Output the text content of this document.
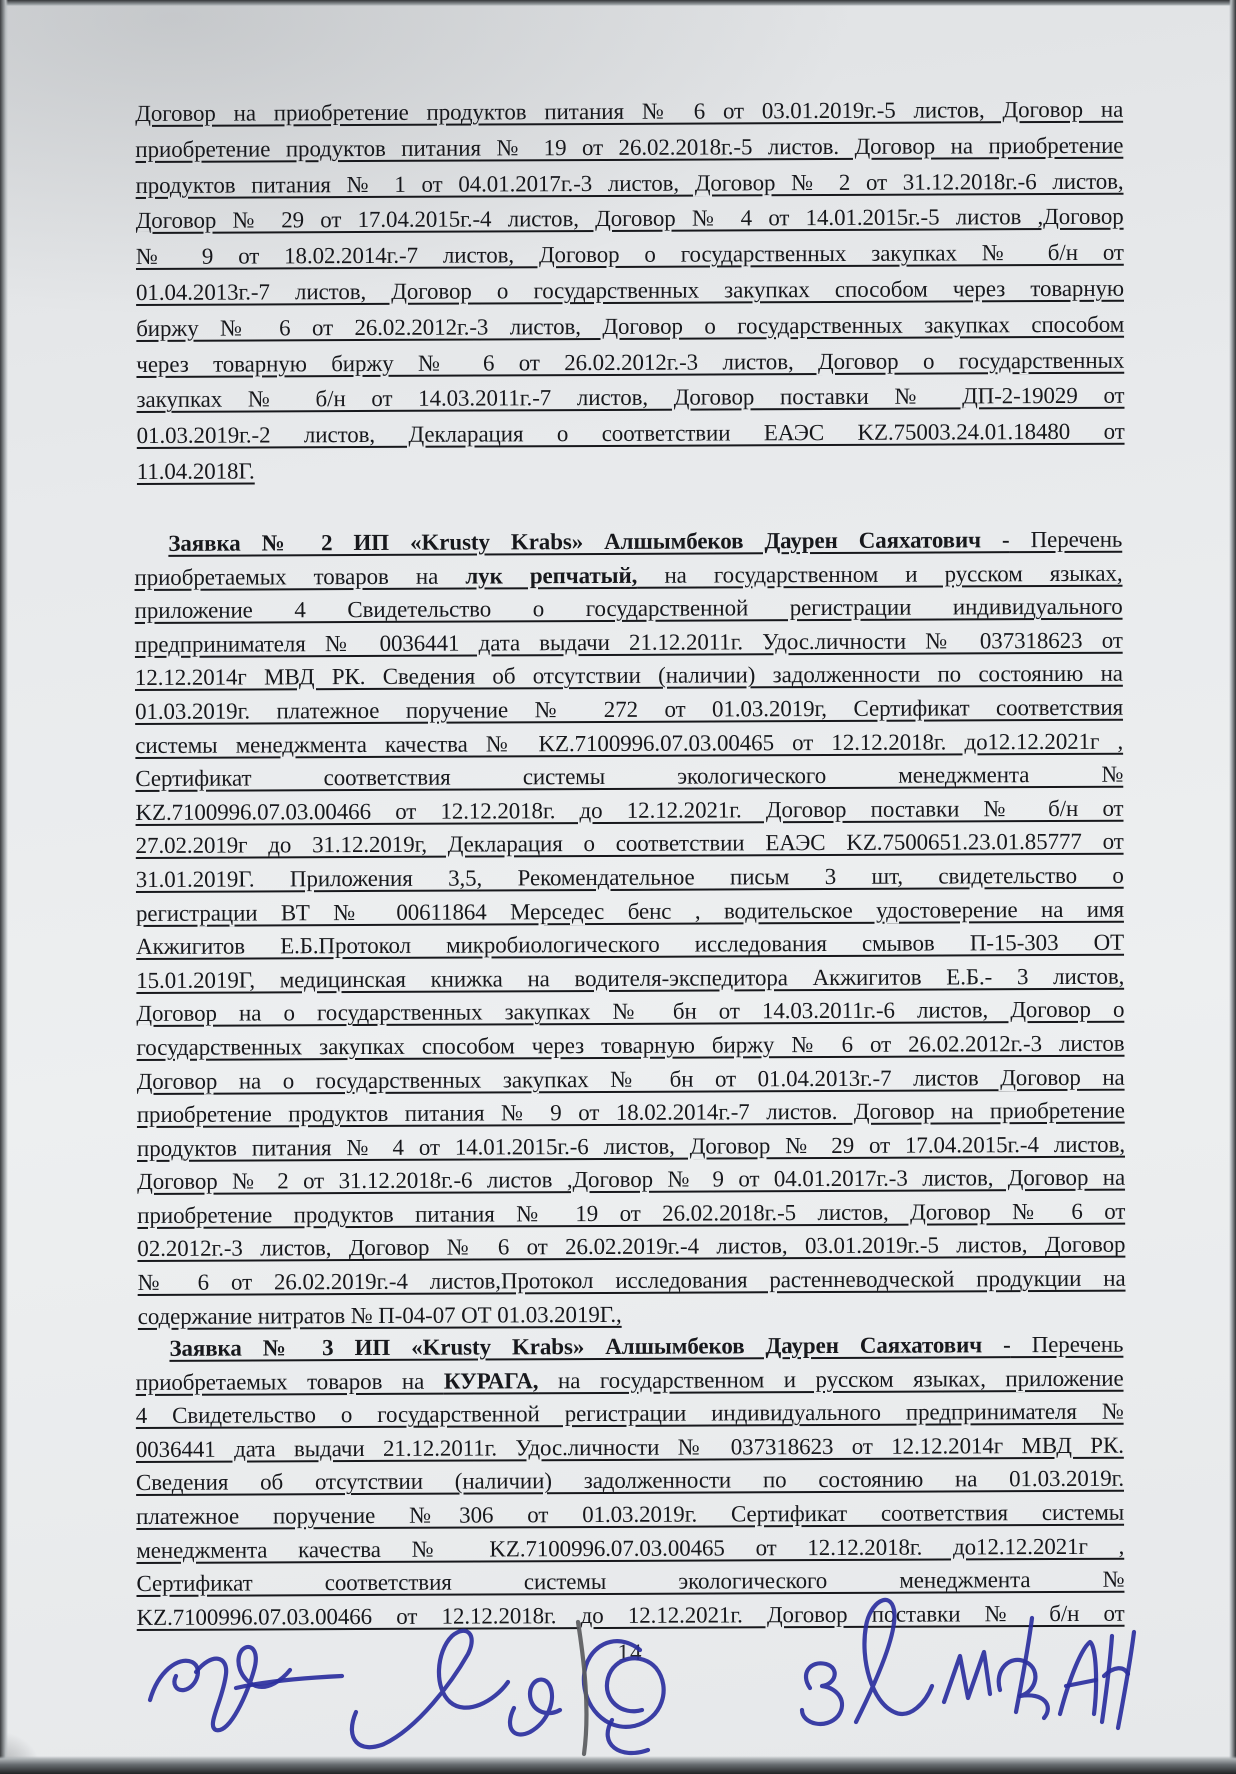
Договор на приобретение продуктов питания № 6 от 03.01.2019г.-5 листов, Договор на
приобретение продуктов питания № 19 от 26.02.2018г.-5 листов. Договор на приобретение
продуктов питания № 1 от 04.01.2017г.-3 листов, Договор № 2 от 31.12.2018г.-6 листов,
Договор № 29 от 17.04.2015г.-4 листов, Договор № 4 от 14.01.2015г.-5 листов ,Договор
№ 9 от 18.02.2014г.-7 листов, Договор о государственных закупках № б/н от
01.04.2013г.-7 листов, Договор о государственных закупках способом через товарную
биржу № 6 от 26.02.2012г.-3 листов, Договор о государственных закупках способом
через товарную биржу № 6 от 26.02.2012г.-3 листов, Договор о государственных
закупках № б/н от 14.03.2011г.-7 листов, Договор поставки № ДП-2-19029 от
01.03.2019г.-2 листов, Декларация о соответствии ЕАЭС KZ.75003.24.01.18480 от
11.04.2018Г.
Заявка № 2 ИП «Krusty Krabs» Алшымбеков Даурен Саяхатович - Перечень
приобретаемых товаров на лук репчатый, на государственном и русском языках,
приложение 4 Свидетельство о государственной регистрации индивидуального
предпринимателя № 0036441 дата выдачи 21.12.2011г. Удос.личности № 037318623 от
12.12.2014г МВД РК. Сведения об отсутствии (наличии) задолженности по состоянию на
01.03.2019г. платежное поручение № 272 от 01.03.2019г, Сертификат соответствия
системы менеджмента качества № KZ.7100996.07.03.00465 от 12.12.2018г. до12.12.2021г ,
Сертификат соответствия системы экологического менеджмента №
KZ.7100996.07.03.00466 от 12.12.2018г. до 12.12.2021г. Договор поставки № б/н от
27.02.2019г до 31.12.2019г, Декларация о соответствии ЕАЭС KZ.7500651.23.01.85777 от
31.01.2019Г. Приложения 3,5, Рекомендательное письм 3 шт, свидетельство о
регистрации ВТ № 00611864 Мерседес бенс , водительское удостоверение на имя
Акжигитов Е.Б.Протокол микробиологического исследования смывов П-15-303 ОТ
15.01.2019Г, медицинская книжка на водителя-экспедитора Акжигитов Е.Б.- 3 листов,
Договор на о государственных закупках № бн от 14.03.2011г.-6 листов, Договор о
государственных закупках способом через товарную биржу № 6 от 26.02.2012г.-3 листов
Договор на о государственных закупках № бн от 01.04.2013г.-7 листов Договор на
приобретение продуктов питания № 9 от 18.02.2014г.-7 листов. Договор на приобретение
продуктов питания № 4 от 14.01.2015г.-6 листов, Договор № 29 от 17.04.2015г.-4 листов,
Договор № 2 от 31.12.2018г.-6 листов ,Договор № 9 от 04.01.2017г.-3 листов, Договор на
приобретение продуктов питания № 19 от 26.02.2018г.-5 листов, Договор № 6 от
02.2012г.-3 листов, Договор № 6 от 26.02.2019г.-4 листов, 03.01.2019г.-5 листов, Договор
№ 6 от 26.02.2019г.-4 листов,Протокол исследования растенневодческой продукции на
содержание нитратов № П-04-07 ОТ 01.03.2019Г.,
Заявка № 3 ИП «Krusty Krabs» Алшымбеков Даурен Саяхатович - Перечень
приобретаемых товаров на КУРАГА, на государственном и русском языках, приложение
4 Свидетельство о государственной регистрации индивидуального предпринимателя №
0036441 дата выдачи 21.12.2011г. Удос.личности № 037318623 от 12.12.2014г МВД РК.
Сведения об отсутствии (наличии) задолженности по состоянию на 01.03.2019г.
платежное поручение №306 от 01.03.2019г. Сертификат соответствия системы
менеджмента качества № KZ.7100996.07.03.00465 от 12.12.2018г. до12.12.2021г ,
Сертификат соответствия системы экологического менеджмента №
KZ.7100996.07.03.00466 от 12.12.2018г. до 12.12.2021г. Договор поставки № б/н от
14
